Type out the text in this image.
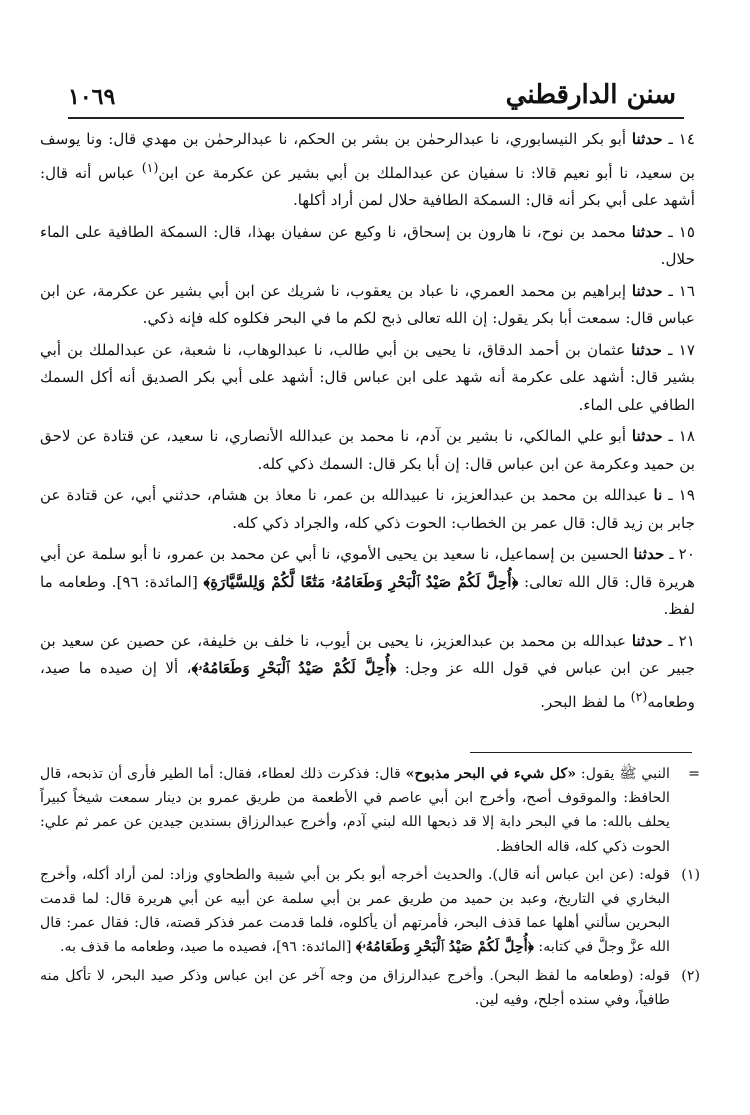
سنن الدارقطني
١٠٦٩

١٤ ـ حدثنا أبو بكر النيسابوري، نا عبدالرحمٰن بن بشر بن الحكم، نا عبدالرحمٰن بن مهدي قال: ونا يوسف بن سعيد، نا أبو نعيم قالا: نا سفيان عن عبدالملك بن أبي بشير عن عكرمة عن ابن$^{(١)}$ عباس أنه قال: أشهد على أبي بكر أنه قال: السمكة الطافية حلال لمن أراد أكلها.

١٥ ـ حدثنا محمد بن نوح، نا هارون بن إسحاق، نا وكيع عن سفيان بهذا، قال: السمكة الطافية على الماء حلال.

١٦ ـ حدثنا إبراهيم بن محمد العمري، نا عباد بن يعقوب، نا شريك عن ابن أبي بشير عن عكرمة، عن ابن عباس قال: سمعت أبا بكر يقول: إن الله تعالى ذبح لكم ما في البحر فكلوه كله فإنه ذكي.

١٧ ـ حدثنا عثمان بن أحمد الدقاق، نا يحيى بن أبي طالب، نا عبدالوهاب، نا شعبة، عن عبدالملك بن أبي بشير قال: أشهد على عكرمة أنه شهد على ابن عباس قال: أشهد على أبي بكر الصديق أنه أكل السمك الطافي على الماء.

١٨ ـ حدثنا أبو علي المالكي، نا بشير بن آدم، نا محمد بن عبدالله الأنصاري، نا سعيد، عن قتادة عن لاحق بن حميد وعكرمة عن ابن عباس قال: إن أبا بكر قال: السمك ذكي كله.

١٩ ـ نا عبدالله بن محمد بن عبدالعزيز، نا عبيدالله بن عمر، نا معاذ بن هشام، حدثني أبي، عن قتادة عن جابر بن زيد قال: قال عمر بن الخطاب: الحوت ذكي كله، والجراد ذكي كله.

٢٠ ـ حدثنا الحسين بن إسماعيل، نا سعيد بن يحيى الأموي، نا أبي عن محمد بن عمرو، نا أبو سلمة عن أبي هريرة قال: قال الله تعالى: ﴿أُحِلَّ لَكُمْ صَيْدُ ٱلْبَحْرِ وَطَعَامُهُۥ مَتَٰعًا لَّكُمْ وَلِلسَّيَّارَةِ﴾ [المائدة: ٩٦]. وطعامه ما لفظ.

٢١ ـ حدثنا عبدالله بن محمد بن عبدالعزيز، نا يحيى بن أيوب، نا خلف بن خليفة، عن حصين عن سعيد بن جبير عن ابن عباس في قول الله عز وجل: ﴿أُحِلَّ لَكُمْ صَيْدُ ٱلْبَحْرِ وَطَعَامُهُۥ﴾، ألا إن صيده ما صيد، وطعامه$^{(٢)}$ ما لفظ البحر.

=
النبي ﷺ يقول: «كل شيء في البحر مذبوح» قال: فذكرت ذلك لعطاء، فقال: أما الطير فأرى أن تذبحه، قال الحافظ: والموقوف أصح، وأخرج ابن أبي عاصم في الأطعمة من طريق عمرو بن دينار سمعت شيخاً كبيراً يحلف بالله: ما في البحر دابة إلا قد ذبحها الله لبني آدم، وأخرج عبدالرزاق بسندين جيدين عن عمر ثم علي: الحوت ذكي كله، قاله الحافظ.

(١)
قوله: (عن ابن عباس أنه قال). والحديث أخرجه أبو بكر بن أبي شيبة والطحاوي وزاد: لمن أراد أكله، وأخرج البخاري في التاريخ، وعبد بن حميد من طريق عمر بن أبي سلمة عن أبيه عن أبي هريرة قال: لما قدمت البحرين سألني أهلها عما قذف البحر، فأمرتهم أن يأكلوه، فلما قدمت عمر فذكر قصته، قال: فقال عمر: قال الله عزَّ وجلَّ في كتابه: ﴿أُحِلَّ لَكُمْ صَيْدُ ٱلْبَحْرِ وَطَعَامُهُۥ﴾ [المائدة: ٩٦]، فصيده ما صيد، وطعامه ما قذف به.

(٢)
قوله: (وطعامه ما لفظ البحر). وأخرج عبدالرزاق من وجه آخر عن ابن عباس وذكر صيد البحر، لا تأكل منه طافياً، وفي سنده أجلح، وفيه لين.
